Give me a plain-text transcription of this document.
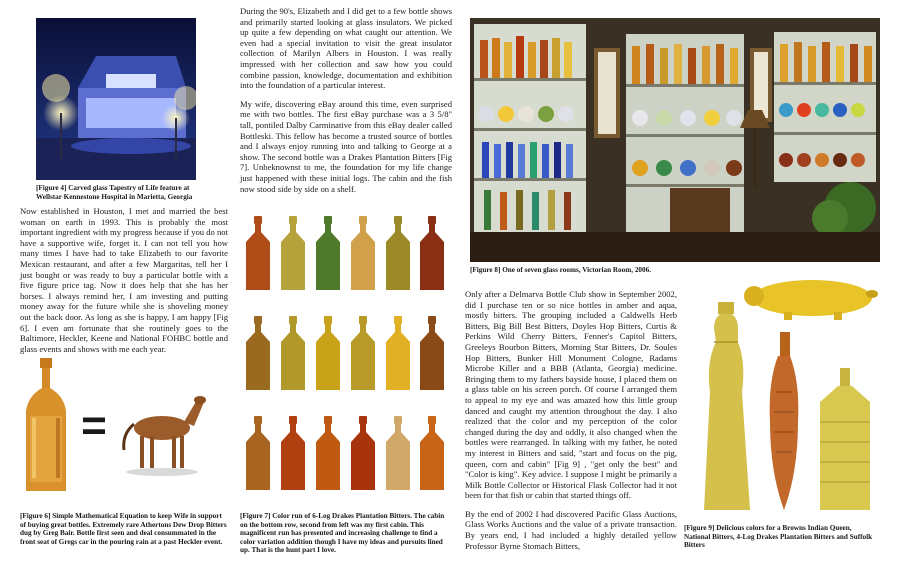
[Figure 4] Carved glass Tapestry of Life feature at Wellstar Kennestone Hospital in Marietta, Georgia

Now established in Houston, I met and married the best woman on earth in 1993. This is probably the most important ingredient with my progress because if you do not have a supportive wife, forget it. I can not tell you how many times I have had to take Elizabeth to our favorite Mexican restaurant, and after a few Margaritas, tell her I just bought or was ready to buy a particular bottle with a five figure price tag. Now it does help that she has her horses. I always remind her, I am investing and putting money away for the future while she is shoveling money out the back door. As long as she is happy, I am happy [Fig 6]. I even am fortunate that she routinely goes to the Baltimore, Heckler, Keene and National FOHBC bottle and glass events and shows with me each year.

=

[Figure 6] Simple Mathematical Equation to keep Wife in support of buying great bottles. Extremely rare Athertons Dew Drop Bitters dug by Greg Bair. Bottle first seen and deal consummated in the front seat of Gregs car in the pouring rain at a past Heckler event.

During the 90's, Elizabeth and I did get to a few bottle shows and primarily started looking at glass insulators. We picked up quite a few depending on what caught our attention. We even had a special invitation to visit the great insulator collection of Marilyn Albers in Houston. I was really impressed with her collection and saw how you could combine passion, knowledge, documentation and exhibition into the foundation of a particular interest.

My wife, discovering eBay around this time, even surprised me with two bottles. The first eBay purchase was a 3 5/8" tall, pontiled Dalby Carminative from this eBay dealer called Bottleski. This fellow has become a trusted source of bottles and I always enjoy running into and talking to George at a show. The second bottle was a Drakes Plantation Bitters [Fig 7]. Unbeknownst to me, the foundation for my life change just happened with these initial logs. The cabin and the fish now stood side by side on a shelf.

[Figure 7] Color run of 6-Log Drakes Plantation Bitters. The cabin on the bottom row, second from left was my first cabin. This magnificent run has presented and increasing challenge to find a color variation addition though I have my ideas and pursuits lined up. That is the hunt part I love.

[Figure 8] One of seven glass rooms, Victorian Room, 2006.

Only after a Delmarva Bottle Club show in September 2002, did I purchase ten or so nice bottles in amber and aqua, mostly bitters. The grouping included a Caldwells Herb Bitters, Big Bill Best Bitters, Doyles Hop Bitters, Curtis & Perkins Wild Cherry Bitters, Fenner's Capitol Bitters, Greeleys Bourbon Bitters, Morning Star Bitters, Dr. Soules Hop Bitters, Bunker Hill Monument Cologne, Radams Microbe Killer and a BBB (Atlanta, Georgia) medicine. Bringing them to my fathers bayside house, I placed them on a glass table on his screen porch. Of course I arranged them to appeal to my eye and was amazed how this little group danced and caught my attention throughout the day. I also realized that the color and my perception of the color changed during the day and oddly, it also changed when the bottles were rearranged. In talking with my father, he noted my interest in Bitters and said, "start and focus on the pig, queen, corn and cabin" [Fig 9] , "get only the best" and "Color is king". Key advice. I suppose I might be primarily a Milk Bottle Collector or Historical Flask Collector had it not been for that fish or cabin that started things off.

By the end of 2002 I had discovered Pacific Glass Auctions, Glass Works Auctions and the value of a private transaction. By years end, I had included a highly detailed yellow Professor Byrne Stomach Bitters,

[Figure 9] Delicious colors for a Browns Indian Queen, National Bitters, 4-Log Drakes Plantation Bitters and Suffolk Bitters
